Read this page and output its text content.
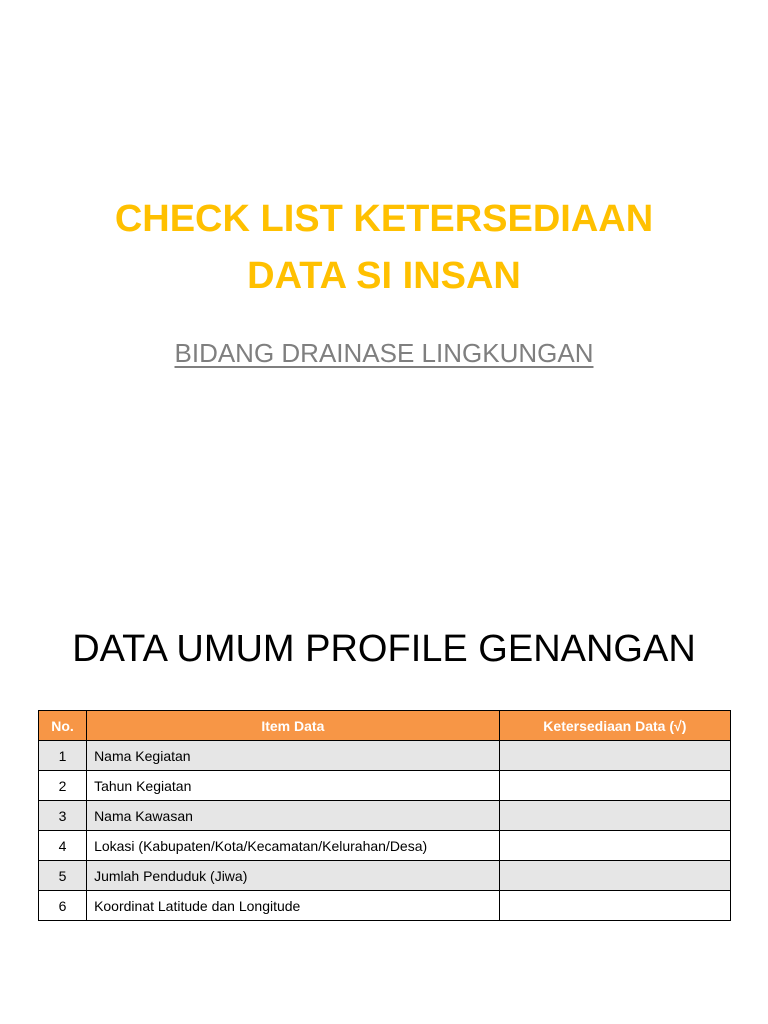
CHECK LIST KETERSEDIAAN
DATA SI INSAN
BIDANG DRAINASE LINGKUNGAN
DATA UMUM PROFILE GENANGAN
No.	Item Data	Ketersediaan Data (√)
1	Nama Kegiatan	
2	Tahun Kegiatan	
3	Nama Kawasan	
4	Lokasi (Kabupaten/Kota/Kecamatan/Kelurahan/Desa)	
5	Jumlah Penduduk (Jiwa)	
6	Koordinat Latitude dan Longitude	
